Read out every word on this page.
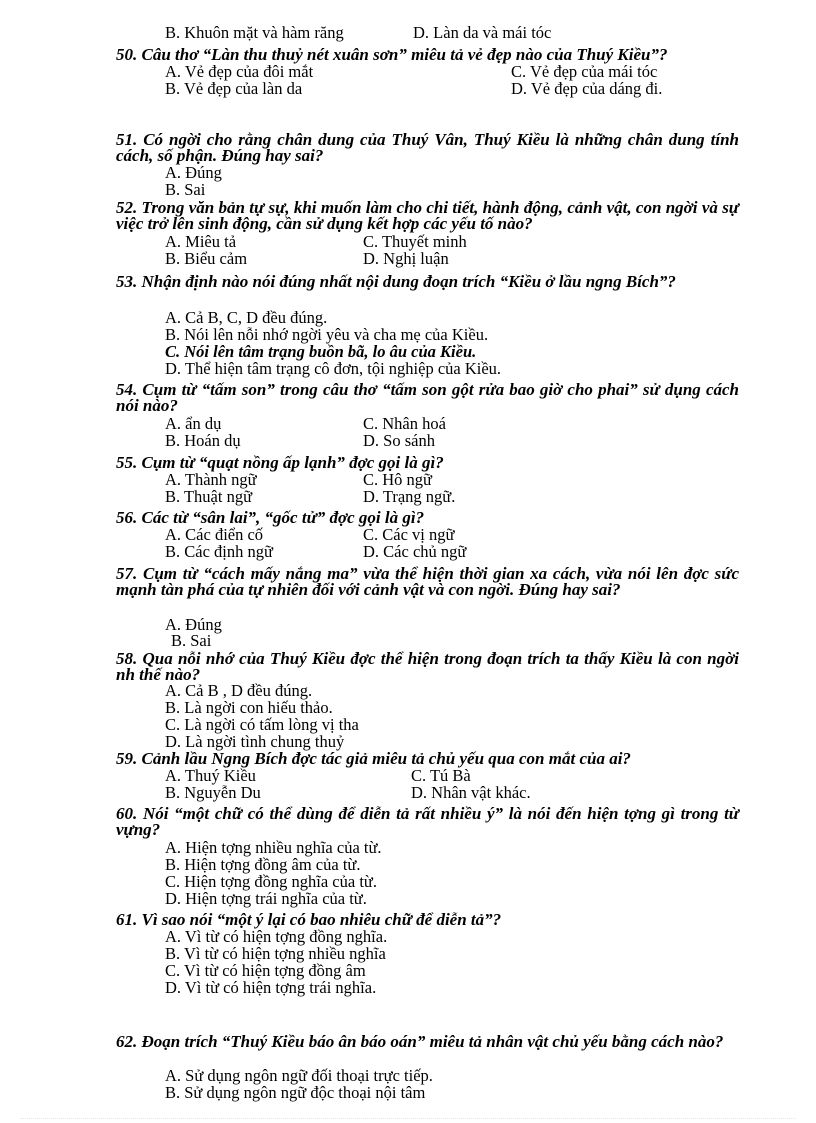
B. Khuôn mặt và hàm răng	D. Làn da và mái tóc
50. Câu thơ “Làn thu thuỷ nét xuân sơn” miêu tả vẻ đẹp nào của Thuý Kiều”?
A. Vẻ đẹp của đôi mắt	C. Vẻ đẹp của mái tóc
B. Vẻ đẹp của làn da	D. Vẻ đẹp của dáng đi.
51. Có ngời cho rằng chân dung của Thuý Vân, Thuý Kiều là những chân dung tính cách, số phận. Đúng hay sai?
A. Đúng
B. Sai
52. Trong văn bản tự sự, khi muốn làm cho chi tiết, hành động, cảnh vật, con ngời và sự việc trở lên sinh động, cần sử dụng kết hợp các yếu tố nào?
A. Miêu tả	C. Thuyết minh
B. Biểu cảm	D. Nghị luận
53. Nhận định nào nói đúng nhất nội dung đoạn trích “Kiều ở lầu ngng Bích”?
A. Cả B, C, D đều đúng.
B. Nói lên nỗi nhớ ngời yêu và cha mẹ của Kiều.
C. Nói lên tâm trạng buồn bã, lo âu của Kiều.
D. Thể hiện tâm trạng cô đơn, tội nghiệp của Kiều.
54. Cụm từ “tấm son” trong câu thơ “tấm son gột rửa bao giờ cho phai” sử dụng cách nói nào?
A. ẩn dụ	C. Nhân hoá
B. Hoán dụ	D. So sánh
55. Cụm từ “quạt nồng ấp lạnh” đợc gọi là gì?
A. Thành ngữ	C. Hô ngữ
B. Thuật ngữ	D. Trạng ngữ.
56. Các từ “sân lai”, “gốc tử” đợc gọi là gì?
A. Các điển cố	C. Các vị ngữ
B. Các định ngữ	D. Các chủ ngữ
57. Cụm từ “cách mấy nắng ma” vừa thể hiện thời gian xa cách, vừa nói lên đợc sức mạnh tàn phá của tự nhiên đối với cảnh vật và con ngời. Đúng hay sai?
A. Đúng
B. Sai
58. Qua nỗi nhớ của Thuý Kiều đợc thể hiện trong đoạn trích ta thấy Kiều là con ngời nh thế nào?
A. Cả B , D đều đúng.
B. Là ngời con hiếu thảo.
C. Là ngời có tấm lòng vị tha
D. Là ngời tình chung thuỷ
59. Cảnh lầu Ngng Bích đợc tác giả miêu tả chủ yếu qua con mắt của ai?
A. Thuý Kiều	C. Tú Bà
B. Nguyễn Du	D. Nhân vật khác.
60. Nói “một chữ có thể dùng để diễn tả rất nhiều ý” là nói đến hiện tợng gì trong từ vựng?
A. Hiện tợng nhiều nghĩa của từ.
B. Hiện tợng đồng âm của từ.
C. Hiện tợng đồng nghĩa của từ.
D. Hiện tợng trái nghĩa của từ.
61. Vì sao nói “một ý lại có bao nhiêu chữ để diễn tả”?
A. Vì từ có hiện tợng đồng nghĩa.
B. Vì từ có hiện tợng nhiều nghĩa
C. Vì từ có hiện tợng đồng âm
D. Vì từ có hiện tợng trái nghĩa.
62. Đoạn trích “Thuý Kiều báo ân báo oán” miêu tả nhân vật chủ yếu bằng cách nào?
A. Sử dụng ngôn ngữ đối thoại trực tiếp.
B. Sử dụng ngôn ngữ độc thoại nội tâm
